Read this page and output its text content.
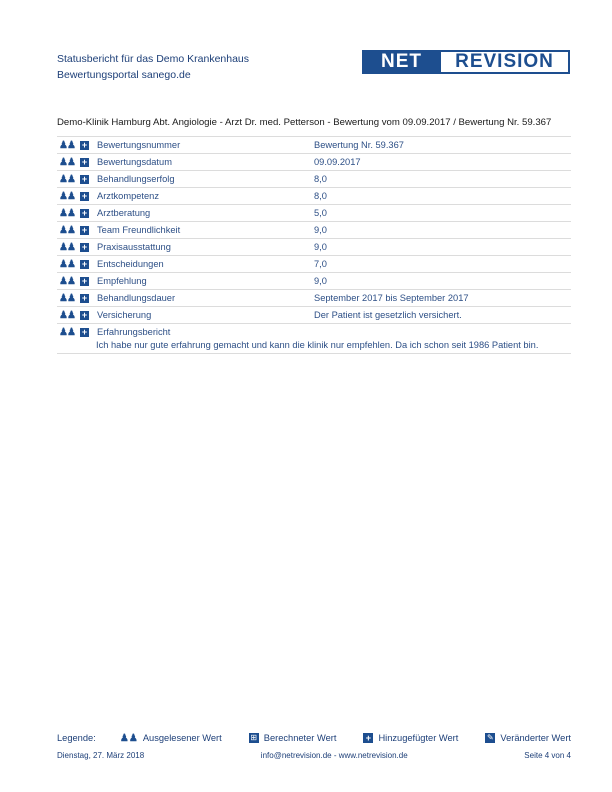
Statusbericht für das Demo Krankenhaus
Bewertungsportal sanego.de
NET	REVISION
Demo-Klinik Hamburg Abt. Angiologie - Arzt Dr. med. Petterson - Bewertung vom 09.09.2017 / Bewertung Nr. 59.367
♟♟ + Bewertungsnummer	Bewertung Nr. 59.367
♟♟ + Bewertungsdatum	09.09.2017
♟♟ + Behandlungserfolg	8,0
♟♟ + Arztkompetenz	8,0
♟♟ + Arztberatung	5,0
♟♟ + Team Freundlichkeit	9,0
♟♟ + Praxisausstattung	9,0
♟♟ + Entscheidungen	7,0
♟♟ + Empfehlung	9,0
♟♟ + Behandlungsdauer	September 2017 bis September 2017
♟♟ + Versicherung	Der Patient ist gesetzlich versichert.
♟♟ + Erfahrungsbericht
Ich habe nur gute erfahrung gemacht und kann die klinik nur empfehlen. Da ich schon seit 1986 Patient bin.
Legende:	♟♟ Ausgelesener Wert	⊞ Berechneter Wert	+ Hinzugefügter Wert	✎ Veränderter Wert
Dienstag, 27. März 2018	info@netrevision.de - www.netrevision.de	Seite 4 von 4
